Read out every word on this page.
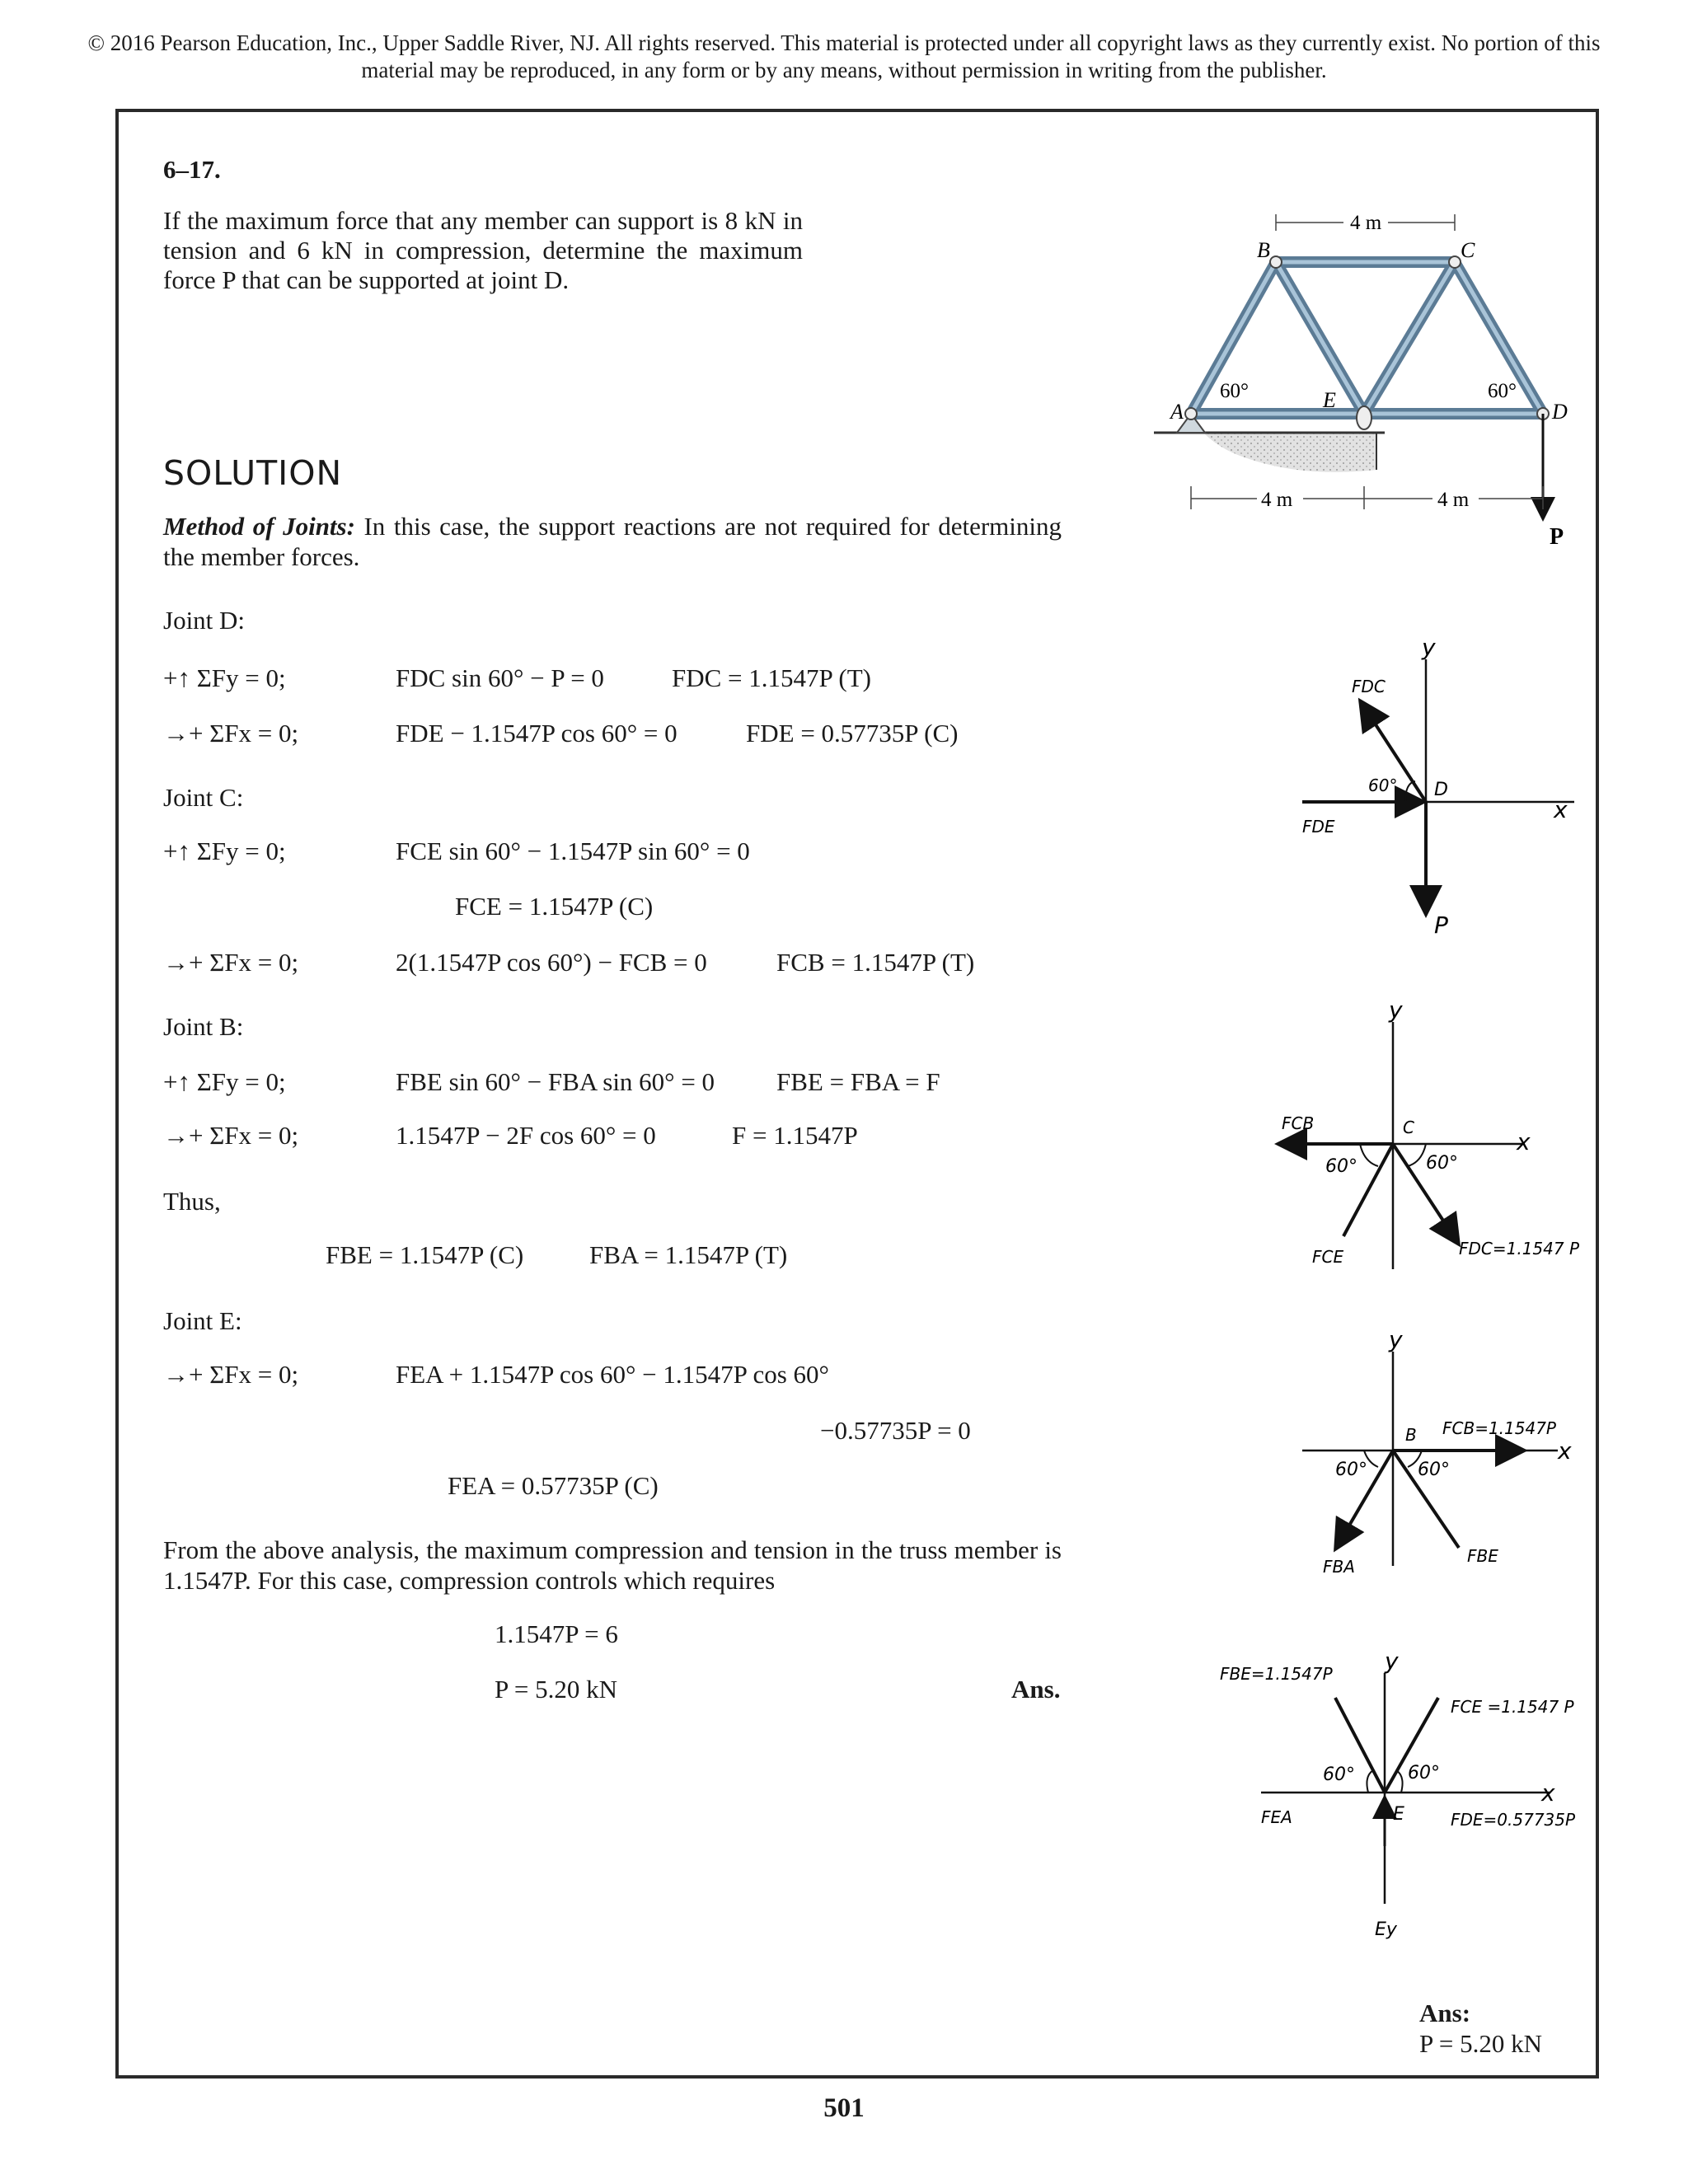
© 2016 Pearson Education, Inc., Upper Saddle River, NJ. All rights reserved. This material is protected under all copyright laws as they currently exist. No portion of this material may be reproduced, in any form or by any means, without permission in writing from the publisher.
6–17.
If the maximum force that any member can support is 8 kN in tension and 6 kN in compression, determine the maximum force P that can be supported at joint D.
SOLUTION
Method of Joints: In this case, the support reactions are not required for determining the member forces.
Joint D:
+↑ ΣFy = 0;	FDC sin 60° − P = 0	FDC = 1.1547P (T)
→+ ΣFx = 0;	FDE − 1.1547P cos 60° = 0	FDE = 0.57735P (C)
Joint C:
+↑ ΣFy = 0;	FCE sin 60° − 1.1547P sin 60° = 0
FCE = 1.1547P (C)
→+ ΣFx = 0;	2(1.1547P cos 60°) − FCB = 0	FCB = 1.1547P (T)
Joint B:
+↑ ΣFy = 0;	FBE sin 60° − FBA sin 60° = 0 FBE = FBA = F
→+ ΣFx = 0;	1.1547P − 2F cos 60° = 0	F = 1.1547P
Thus,
FBE = 1.1547P (C)	FBA = 1.1547P (T)
Joint E:
→+ ΣFx = 0;	FEA + 1.1547P cos 60° − 1.1547P cos 60°
−0.57735P = 0
FEA = 0.57735P (C)
From the above analysis, the maximum compression and tension in the truss member is 1.1547P. For this case, compression controls which requires
1.1547P = 6
P = 5.20 kN	Ans.
P
A
B	C
D
E
60°	60°
4 m
4 m	4 m
y
x
FDC
FDE
60° D
P
y
x
FCB	C
60°	60°
FCE	FDC=1.1547 P
y
x
B FCB=1.1547P
60°	60°
FBA
FBE
y
x
FBE=1.1547P
FCE =1.1547 P
60°	60°
FEA	E	FDE=0.57735P
Ey
Ans:
P = 5.20 kN
501
